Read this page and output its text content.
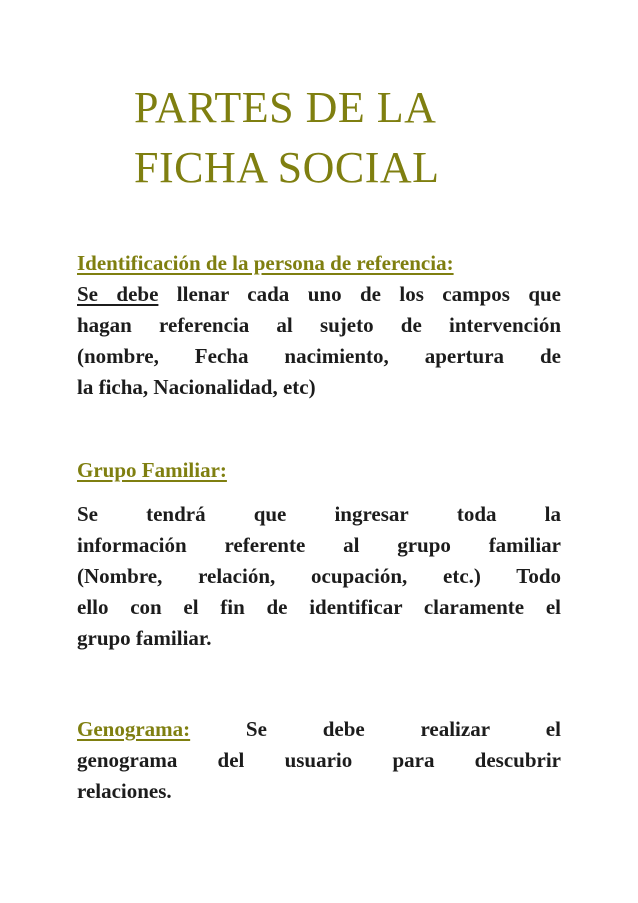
PARTES DE LA
FICHA SOCIAL
Identificación de la persona de referencia:
Se debe llenar cada uno de los campos que
hagan referencia al sujeto de intervención
(nombre, Fecha nacimiento, apertura de
la ficha, Nacionalidad, etc)
Grupo Familiar:
Se tendrá que ingresar toda la
información referente al grupo familiar
(Nombre, relación, ocupación, etc.) Todo
ello con el fin de identificar claramente el
grupo familiar.
Genograma:	Se	debe	realizar	el
genograma del usuario para descubrir
relaciones.
